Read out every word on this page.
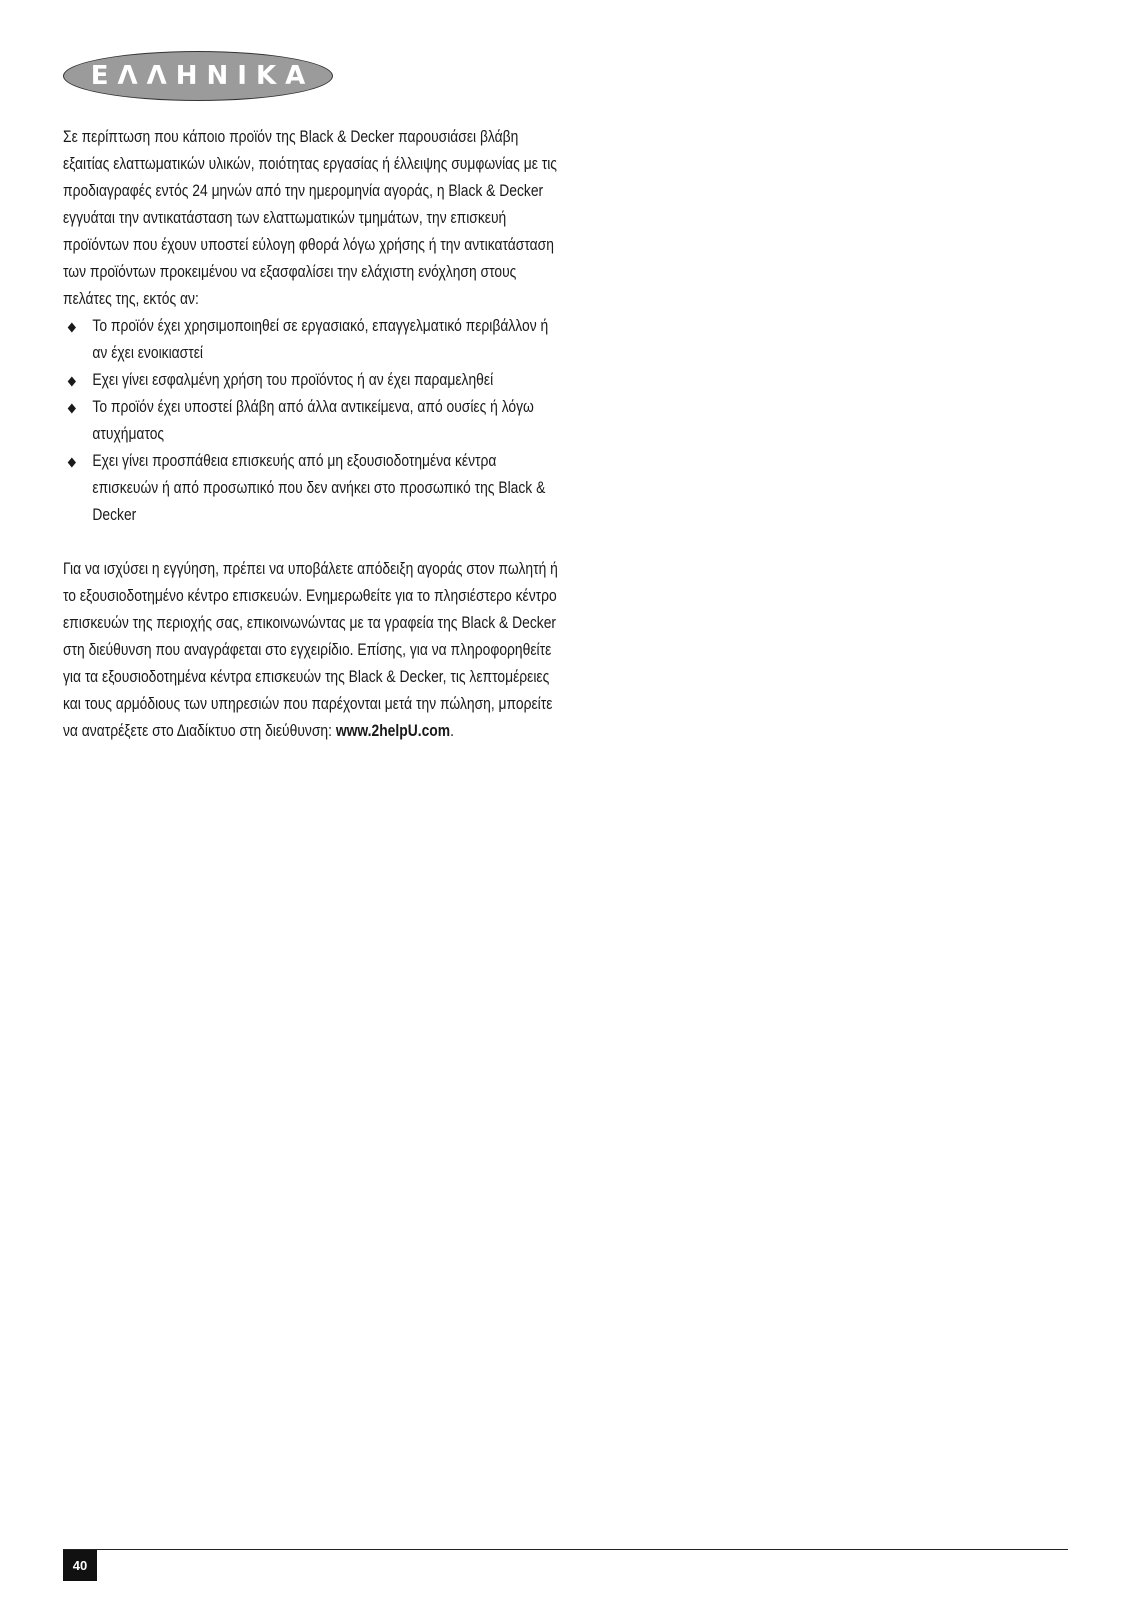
ΕΛΛΗΝΙΚΑ

Σε περίπτωση που κάποιο προϊόν της Black & Decker παρουσιάσει βλάβη εξαιτίας ελαττωματικών υλικών, ποιότητας εργασίας ή έλλειψης συμφωνίας με τις προδιαγραφές εντός 24 μηνών από την ημερομηνία αγοράς, η Black & Decker εγγυάται την αντικατάσταση των ελαττωματικών τμημάτων, την επισκευή προϊόντων που έχουν υποστεί εύλογη φθορά λόγω χρήσης ή την αντικατάσταση των προϊόντων προκειμένου να εξασφαλίσει την ελάχιστη ενόχληση στους πελάτες της, εκτός αν:

Το προϊόν έχει χρησιμοποιηθεί σε εργασιακό, επαγγελματικό περιβάλλον ή αν έχει ενοικιαστεί
Εχει γίνει εσφαλμένη χρήση του προϊόντος ή αν έχει παραμεληθεί
Το προϊόν έχει υποστεί βλάβη από άλλα αντικείμενα, από ουσίες ή λόγω ατυχήματος
Εχει γίνει προσπάθεια επισκευής από μη εξουσιοδοτημένα κέντρα επισκευών ή από προσωπικό που δεν ανήκει στο προσωπικό της Black & Decker

Για να ισχύσει η εγγύηση, πρέπει να υποβάλετε απόδειξη αγοράς στον πωλητή ή το εξουσιοδοτημένο κέντρο επισκευών. Ενημερωθείτε για το πλησιέστερο κέντρο επισκευών της περιοχής σας, επικοινωνώντας με τα γραφεία της Black & Decker στη διεύθυνση που αναγράφεται στο εγχειρίδιο. Επίσης, για να πληροφορηθείτε για τα εξουσιοδοτημένα κέντρα επισκευών της Black & Decker, τις λεπτομέρειες και τους αρμόδιους των υπηρεσιών που παρέχονται μετά την πώληση, μπορείτε να ανατρέξετε στο Διαδίκτυο στη διεύθυνση: www.2helpU.com.

40
